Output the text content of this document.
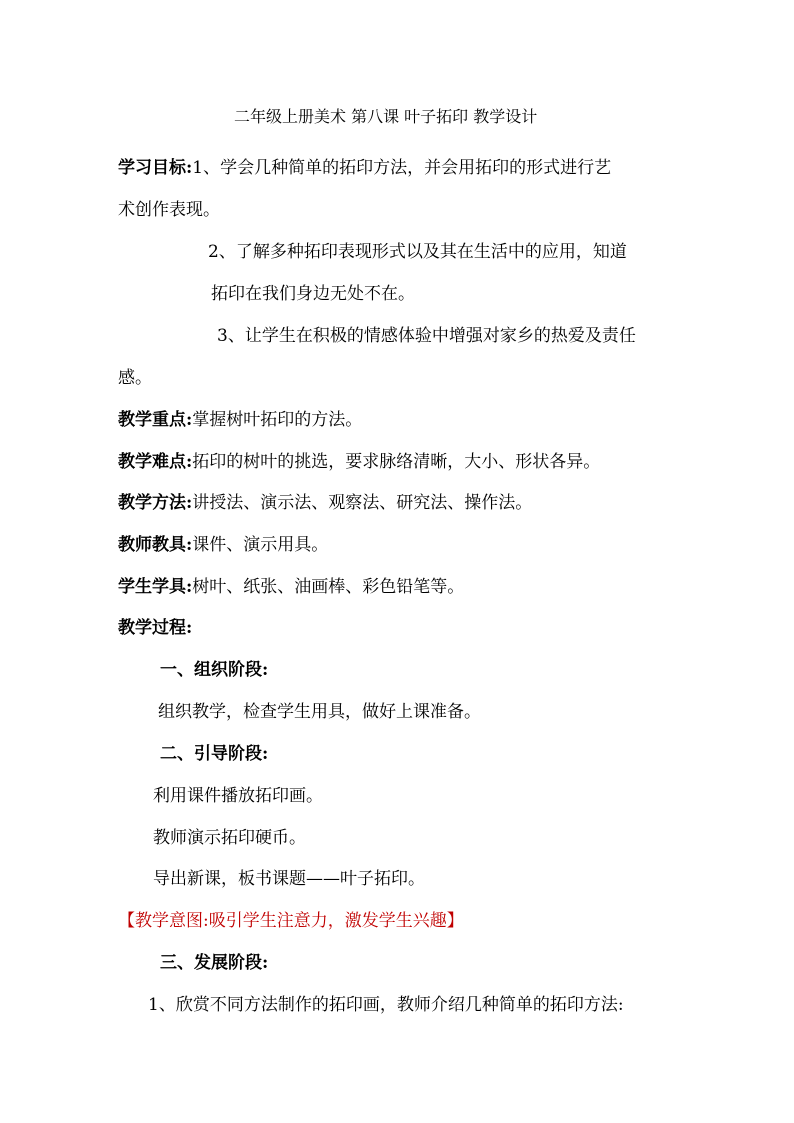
二年级上册美术 第八课 叶子拓印 教学设计
学习目标:1、学会几种简单的拓印方法，并会用拓印的形式进行艺
术创作表现。
2、了解多种拓印表现形式以及其在生活中的应用，知道
拓印在我们身边无处不在。
3、让学生在积极的情感体验中增强对家乡的热爱及责任
感。
教学重点:掌握树叶拓印的方法。
教学难点:拓印的树叶的挑选，要求脉络清晰，大小、形状各异。
教学方法:讲授法、演示法、观察法、研究法、操作法。
教师教具:课件、演示用具。
学生学具:树叶、纸张、油画棒、彩色铅笔等。
教学过程:
一、组织阶段:
组织教学，检查学生用具，做好上课准备。
二、引导阶段:
利用课件播放拓印画。
教师演示拓印硬币。
导出新课，板书课题——叶子拓印。
【教学意图:吸引学生注意力，激发学生兴趣】
三、发展阶段:
1、欣赏不同方法制作的拓印画，教师介绍几种简单的拓印方法:
